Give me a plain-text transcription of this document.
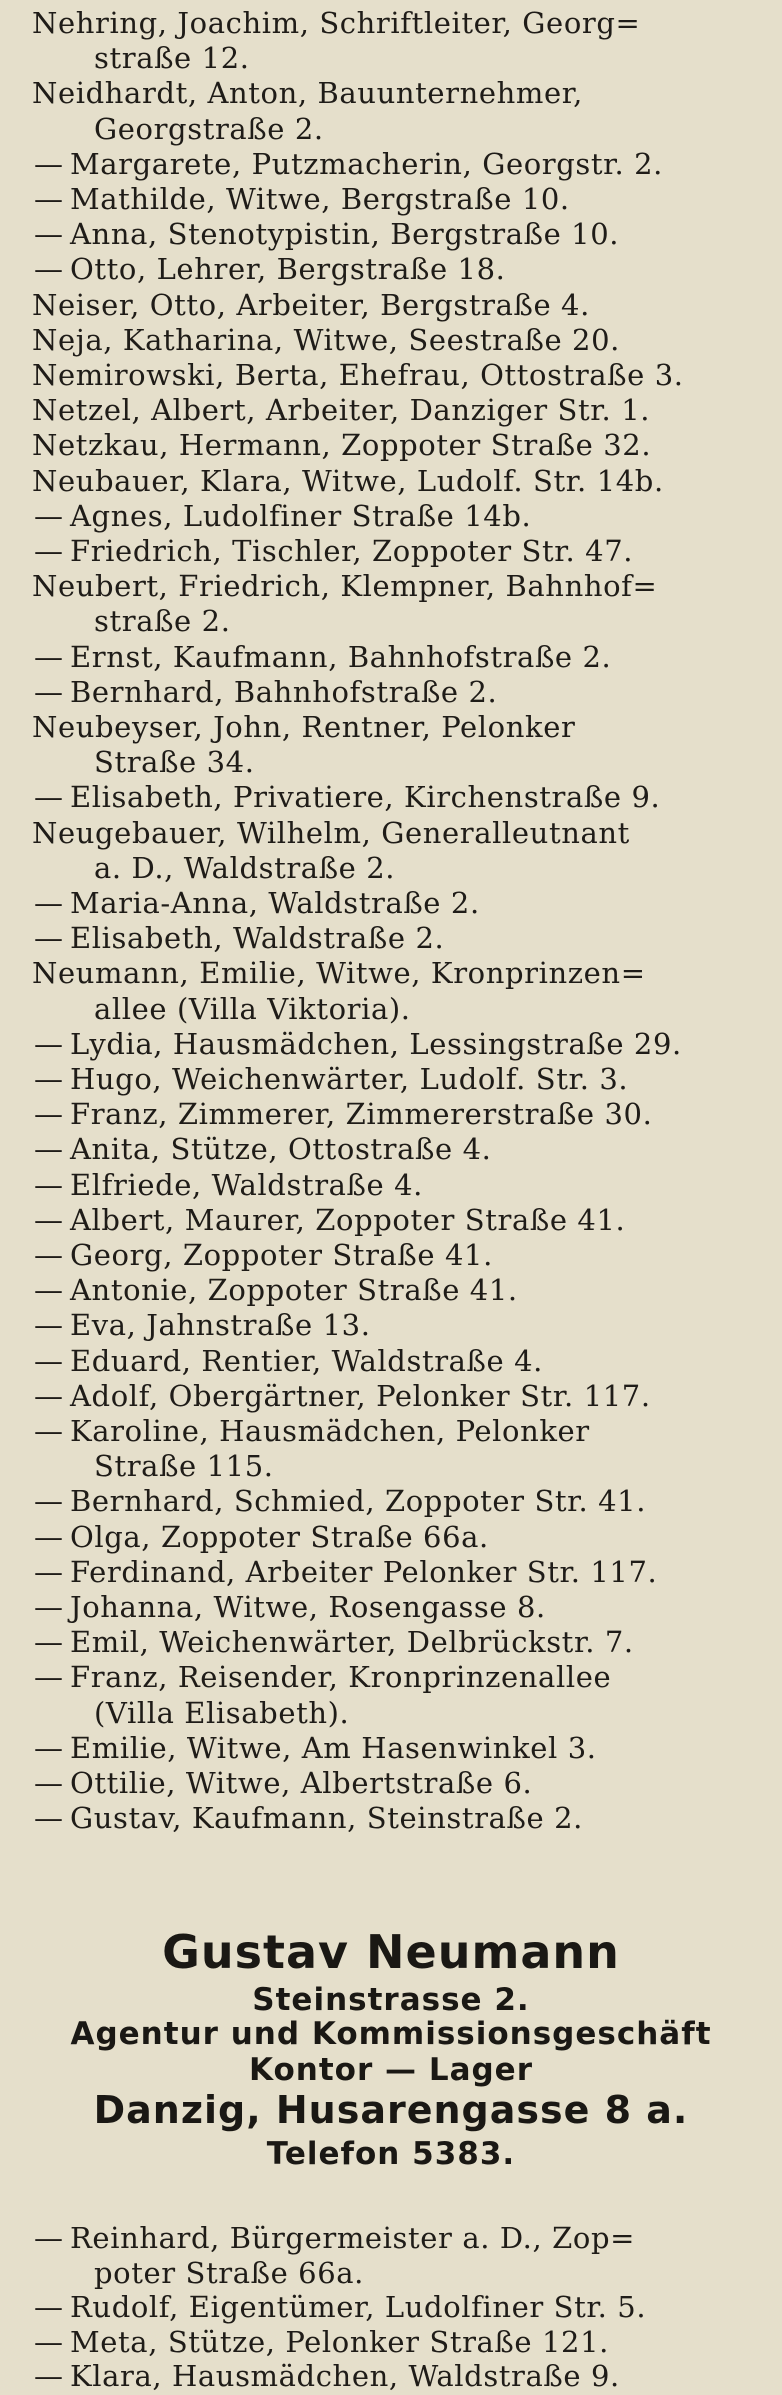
Nehring, Joachim, Schriftleiter, Georg=
straße 12.
Neidhardt, Anton, Bauunternehmer,
Georgstraße 2.
— Margarete, Putzmacherin, Georgstr. 2.
— Mathilde, Witwe, Bergstraße 10.
— Anna, Stenotypistin, Bergstraße 10.
— Otto, Lehrer, Bergstraße 18.
Neiser, Otto, Arbeiter, Bergstraße 4.
Neja, Katharina, Witwe, Seestraße 20.
Nemirowski, Berta, Ehefrau, Ottostraße 3.
Netzel, Albert, Arbeiter, Danziger Str. 1.
Netzkau, Hermann, Zoppoter Straße 32.
Neubauer, Klara, Witwe, Ludolf. Str. 14b.
— Agnes, Ludolfiner Straße 14b.
— Friedrich, Tischler, Zoppoter Str. 47.
Neubert, Friedrich, Klempner, Bahnhof=
straße 2.
— Ernst, Kaufmann, Bahnhofstraße 2.
— Bernhard, Bahnhofstraße 2.
Neubeyser, John, Rentner, Pelonker
Straße 34.
— Elisabeth, Privatiere, Kirchenstraße 9.
Neugebauer, Wilhelm, Generalleutnant
a. D., Waldstraße 2.
— Maria-Anna, Waldstraße 2.
— Elisabeth, Waldstraße 2.
Neumann, Emilie, Witwe, Kronprinzen=
allee (Villa Viktoria).
— Lydia, Hausmädchen, Lessingstraße 29.
— Hugo, Weichenwärter, Ludolf. Str. 3.
— Franz, Zimmerer, Zimmererstraße 30.
— Anita, Stütze, Ottostraße 4.
— Elfriede, Waldstraße 4.
— Albert, Maurer, Zoppoter Straße 41.
— Georg, Zoppoter Straße 41.
— Antonie, Zoppoter Straße 41.
— Eva, Jahnstraße 13.
— Eduard, Rentier, Waldstraße 4.
— Adolf, Obergärtner, Pelonker Str. 117.
— Karoline, Hausmädchen, Pelonker
Straße 115.
— Bernhard, Schmied, Zoppoter Str. 41.
— Olga, Zoppoter Straße 66a.
— Ferdinand, Arbeiter Pelonker Str. 117.
— Johanna, Witwe, Rosengasse 8.
— Emil, Weichenwärter, Delbrückstr. 7.
— Franz, Reisender, Kronprinzenallee
(Villa Elisabeth).
— Emilie, Witwe, Am Hasenwinkel 3.
— Ottilie, Witwe, Albertstraße 6.
— Gustav, Kaufmann, Steinstraße 2.
Gustav Neumann
Steinstrasse 2.
Agentur und Kommissionsgeschäft
Kontor — Lager
Danzig, Husarengasse 8 a.
Telefon 5383.
— Reinhard, Bürgermeister a. D., Zop=
poter Straße 66a.
— Rudolf, Eigentümer, Ludolfiner Str. 5.
— Meta, Stütze, Pelonker Straße 121.
— Klara, Hausmädchen, Waldstraße 9.
